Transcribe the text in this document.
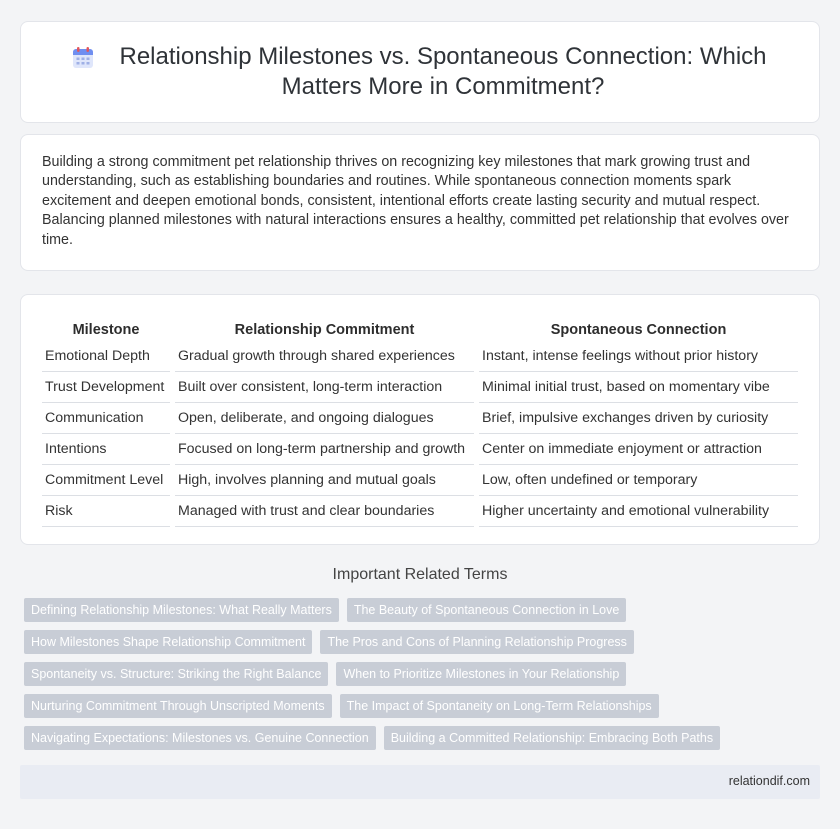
Relationship Milestones vs. Spontaneous Connection: Which Matters More in Commitment?

Building a strong commitment pet relationship thrives on recognizing key milestones that mark growing trust and understanding, such as establishing boundaries and routines. While spontaneous connection moments spark excitement and deepen emotional bonds, consistent, intentional efforts create lasting security and mutual respect. Balancing planned milestones with natural interactions ensures a healthy, committed pet relationship that evolves over time.

Milestone	Relationship Commitment	Spontaneous Connection
Emotional Depth	Gradual growth through shared experiences	Instant, intense feelings without prior history
Trust Development	Built over consistent, long-term interaction	Minimal initial trust, based on momentary vibe
Communication	Open, deliberate, and ongoing dialogues	Brief, impulsive exchanges driven by curiosity
Intentions	Focused on long-term partnership and growth	Center on immediate enjoyment or attraction
Commitment Level	High, involves planning and mutual goals	Low, often undefined or temporary
Risk	Managed with trust and clear boundaries	Higher uncertainty and emotional vulnerability
Important Related Terms
Defining Relationship Milestones: What Really Matters	The Beauty of Spontaneous Connection in Love
How Milestones Shape Relationship Commitment	The Pros and Cons of Planning Relationship Progress
Spontaneity vs. Structure: Striking the Right Balance	When to Prioritize Milestones in Your Relationship
Nurturing Commitment Through Unscripted Moments	The Impact of Spontaneity on Long-Term Relationships
Navigating Expectations: Milestones vs. Genuine Connection	Building a Committed Relationship: Embracing Both Paths
relationdif.com
